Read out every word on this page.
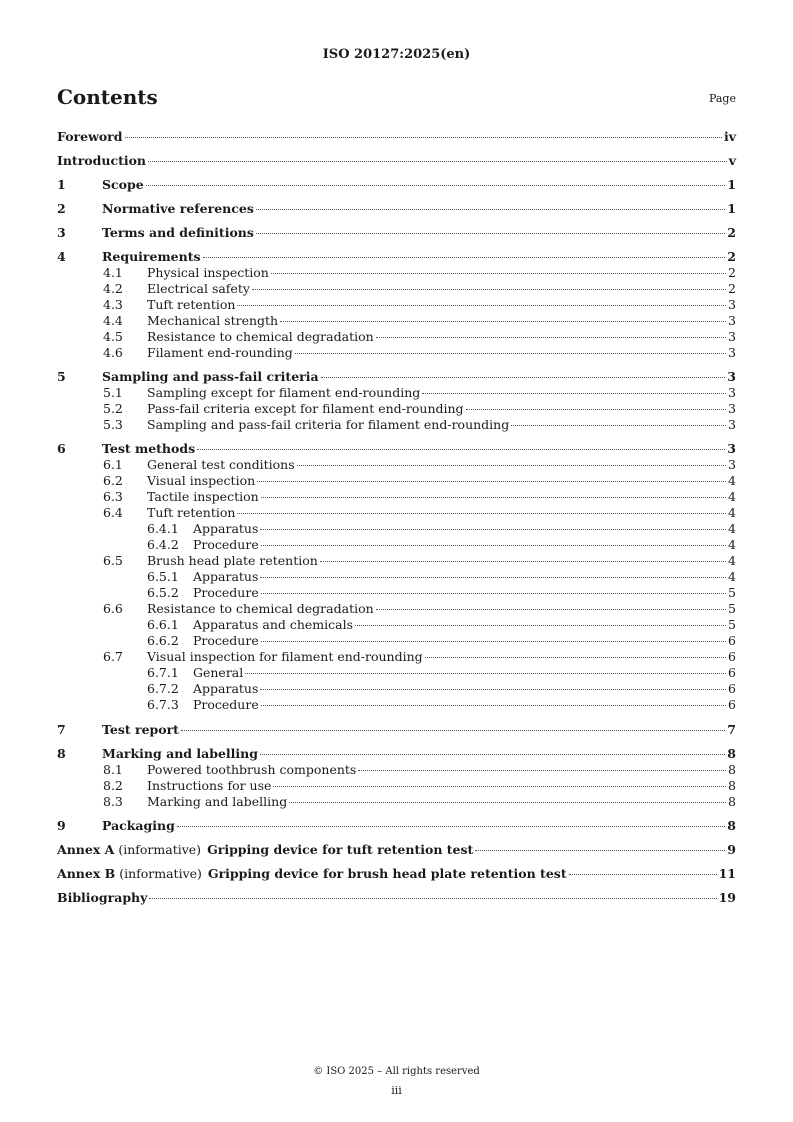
ISO 20127:2025(en)
Contents	Page
Foreword	iv
Introduction	v
1	Scope	1
2	Normative references	1
3	Terms and definitions	2
4	Requirements	2
4.1	Physical inspection	2
4.2	Electrical safety	2
4.3	Tuft retention	3
4.4	Mechanical strength	3
4.5	Resistance to chemical degradation	3
4.6	Filament end-rounding	3
5	Sampling and pass-fail criteria	3
5.1	Sampling except for filament end-rounding	3
5.2	Pass-fail criteria except for filament end-rounding	3
5.3	Sampling and pass-fail criteria for filament end-rounding	3
6	Test methods	3
6.1	General test conditions	3
6.2	Visual inspection	4
6.3	Tactile inspection	4
6.4	Tuft retention	4
6.4.1	Apparatus	4
6.4.2	Procedure	4
6.5	Brush head plate retention	4
6.5.1	Apparatus	4
6.5.2	Procedure	5
6.6	Resistance to chemical degradation	5
6.6.1	Apparatus and chemicals	5
6.6.2	Procedure	6
6.7	Visual inspection for filament end-rounding	6
6.7.1	General	6
6.7.2	Apparatus	6
6.7.3	Procedure	6
7	Test report	7
8	Marking and labelling	8
8.1	Powered toothbrush components	8
8.2	Instructions for use	8
8.3	Marking and labelling	8
9	Packaging	8
Annex A (informative) Gripping device for tuft retention test	9
Annex B (informative) Gripping device for brush head plate retention test	11
Bibliography	19
© ISO 2025 – All rights reserved
iii
